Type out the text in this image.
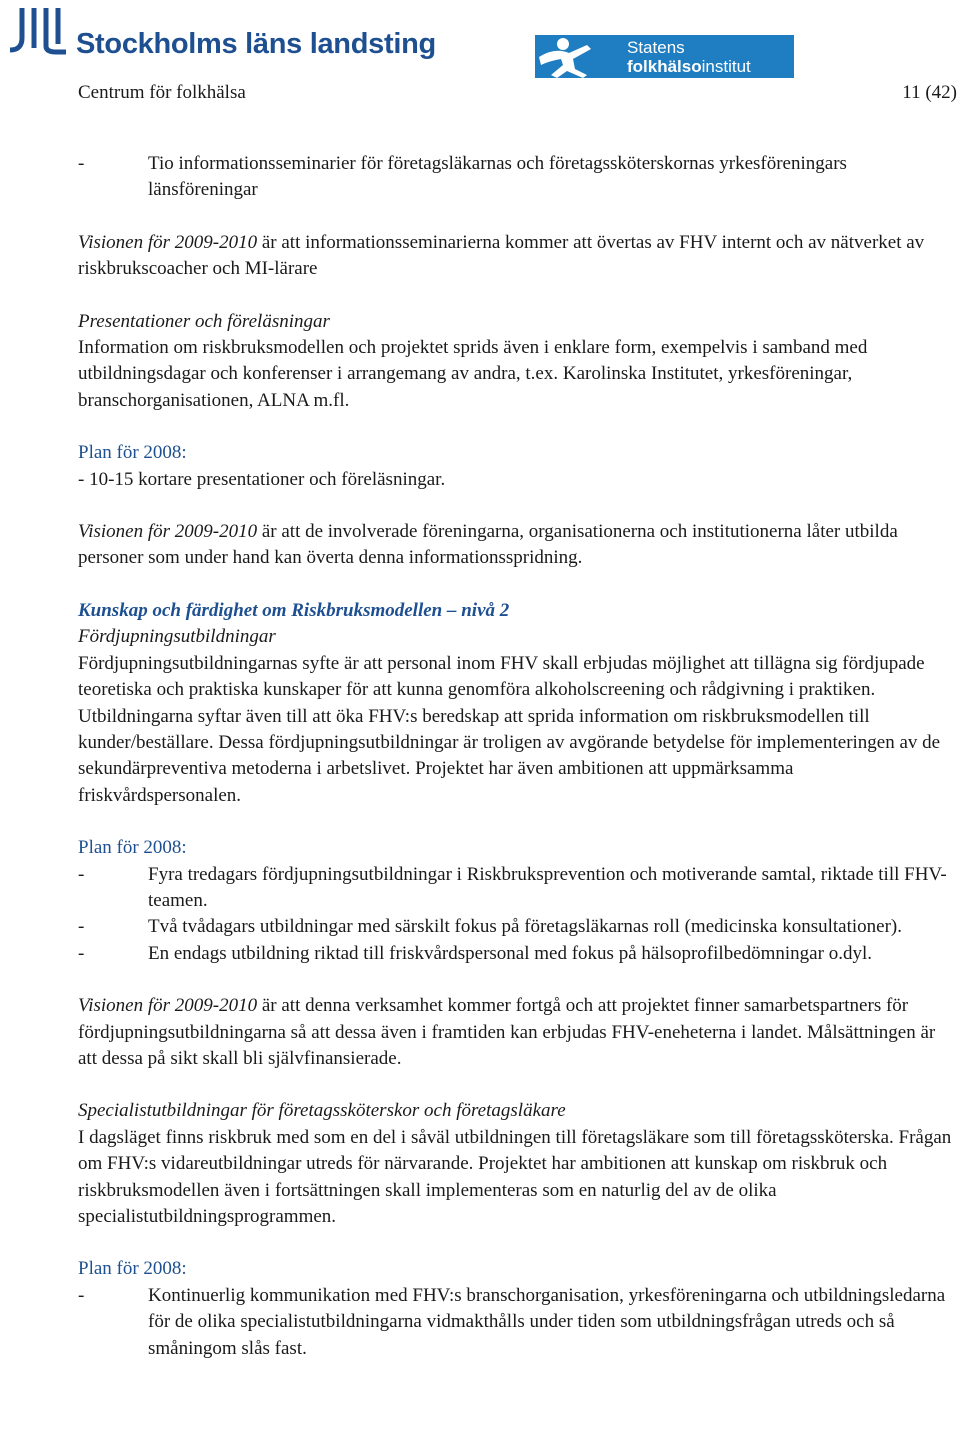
Stockholms läns landsting	Statens
folkhälsoinstitut
Centrum för folkhälsa	11 (42)
-	Tio informationsseminarier för företagsläkarnas och företagssköterskornas yrkesföreningars länsföreningar

Visionen för 2009-2010 är att informationsseminarierna kommer att övertas av FHV internt och av nätverket av riskbrukscoacher och MI-lärare

Presentationer och föreläsningar

Information om riskbruksmodellen och projektet sprids även i enklare form, exempelvis i samband med utbildningsdagar och konferenser i arrangemang av andra, t.ex. Karolinska Institutet, yrkesföreningar, branschorganisationen, ALNA m.fl.

Plan för 2008:

- 10-15 kortare presentationer och föreläsningar.

Visionen för 2009-2010 är att de involverade föreningarna, organisationerna och institutionerna låter utbilda personer som under hand kan överta denna informationsspridning.

Kunskap och färdighet om Riskbruksmodellen – nivå 2

Fördjupningsutbildningar

Fördjupningsutbildningarnas syfte är att personal inom FHV skall erbjudas möjlighet att tillägna sig fördjupade teoretiska och praktiska kunskaper för att kunna genomföra alkoholscreening och rådgivning i praktiken. Utbildningarna syftar även till att öka FHV:s beredskap att sprida information om riskbruksmodellen till kunder/beställare. Dessa fördjupningsutbildningar är troligen av avgörande betydelse för implementeringen av de sekundärpreventiva metoderna i arbetslivet. Projektet har även ambitionen att uppmärksamma friskvårdspersonalen.

Plan för 2008:

-	Fyra tredagars fördjupningsutbildningar i Riskbruksprevention och motiverande samtal, riktade till FHV-teamen.
-	Två tvådagars utbildningar med särskilt fokus på företagsläkarnas roll (medicinska konsultationer).
-	En endags utbildning riktad till friskvårdspersonal med fokus på hälsoprofilbedömningar o.dyl.

Visionen för 2009-2010 är att denna verksamhet kommer fortgå och att projektet finner samarbetspartners för fördjupningsutbildningarna så att dessa även i framtiden kan erbjudas FHV-eneheterna i landet. Målsättningen är att dessa på sikt skall bli självfinansierade.

Specialistutbildningar för företagssköterskor och företagsläkare

I dagsläget finns riskbruk med som en del i såväl utbildningen till företagsläkare som till företagssköterska. Frågan om FHV:s vidareutbildningar utreds för närvarande. Projektet har ambitionen att kunskap om riskbruk och riskbruksmodellen även i fortsättningen skall implementeras som en naturlig del av de olika specialistutbildningsprogrammen.

Plan för 2008:

-	Kontinuerlig kommunikation med FHV:s branschorganisation, yrkesföreningarna och utbildningsledarna för de olika specialistutbildningarna vidmakthålls under tiden som utbildningsfrågan utreds och så småningom slås fast.
